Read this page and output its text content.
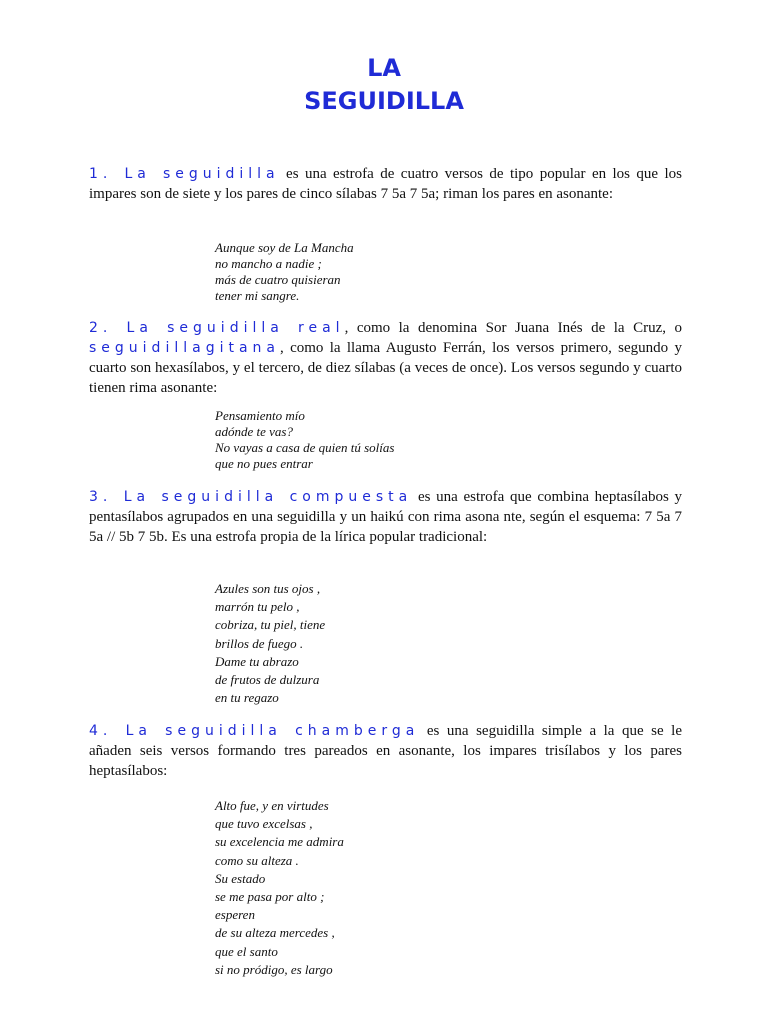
LA
SEGUIDILLA
1. La seguidilla es una estrofa de cuatro versos de tipo popular en los que los impares son de siete y los pares de cinco sílabas 7 5a 7 5a; riman los pares en asonante:
Aunque soy de La Mancha
no mancho a nadie ;
más de cuatro quisieran
tener mi sangre.
2. La seguidilla real, como la denomina Sor Juana Inés de la Cruz, o seguidillagitana, como la llama Augusto Ferrán, los versos primero, segundo y cuarto son hexasílabos, y el tercero, de diez sílabas (a veces de once). Los versos segundo y cuarto tienen rima asonante:
Pensamiento mío
adónde te vas?
No vayas a casa de quien tú solías
que no pues entrar
3. La seguidilla compuesta es una estrofa que combina heptasílabos y pentasílabos agrupados en una seguidilla y un haikú con rima asona nte, según el esquema: 7 5a 7 5a // 5b 7 5b. Es una estrofa propia de la lírica popular tradicional:
Azules son tus ojos ,
marrón tu pelo ,
cobriza, tu piel, tiene
brillos de fuego .
Dame tu abrazo
de frutos de dulzura
en tu regazo
4. La seguidilla chamberga es una seguidilla simple a la que se le añaden seis versos formando tres pareados en asonante, los impares trisílabos y los pares heptasílabos:
Alto fue, y en virtudes
que tuvo excelsas ,
su excelencia me admira
como su alteza .
Su estado
se me pasa por alto ;
esperen
de su alteza mercedes ,
que el santo
si no pródigo, es largo
